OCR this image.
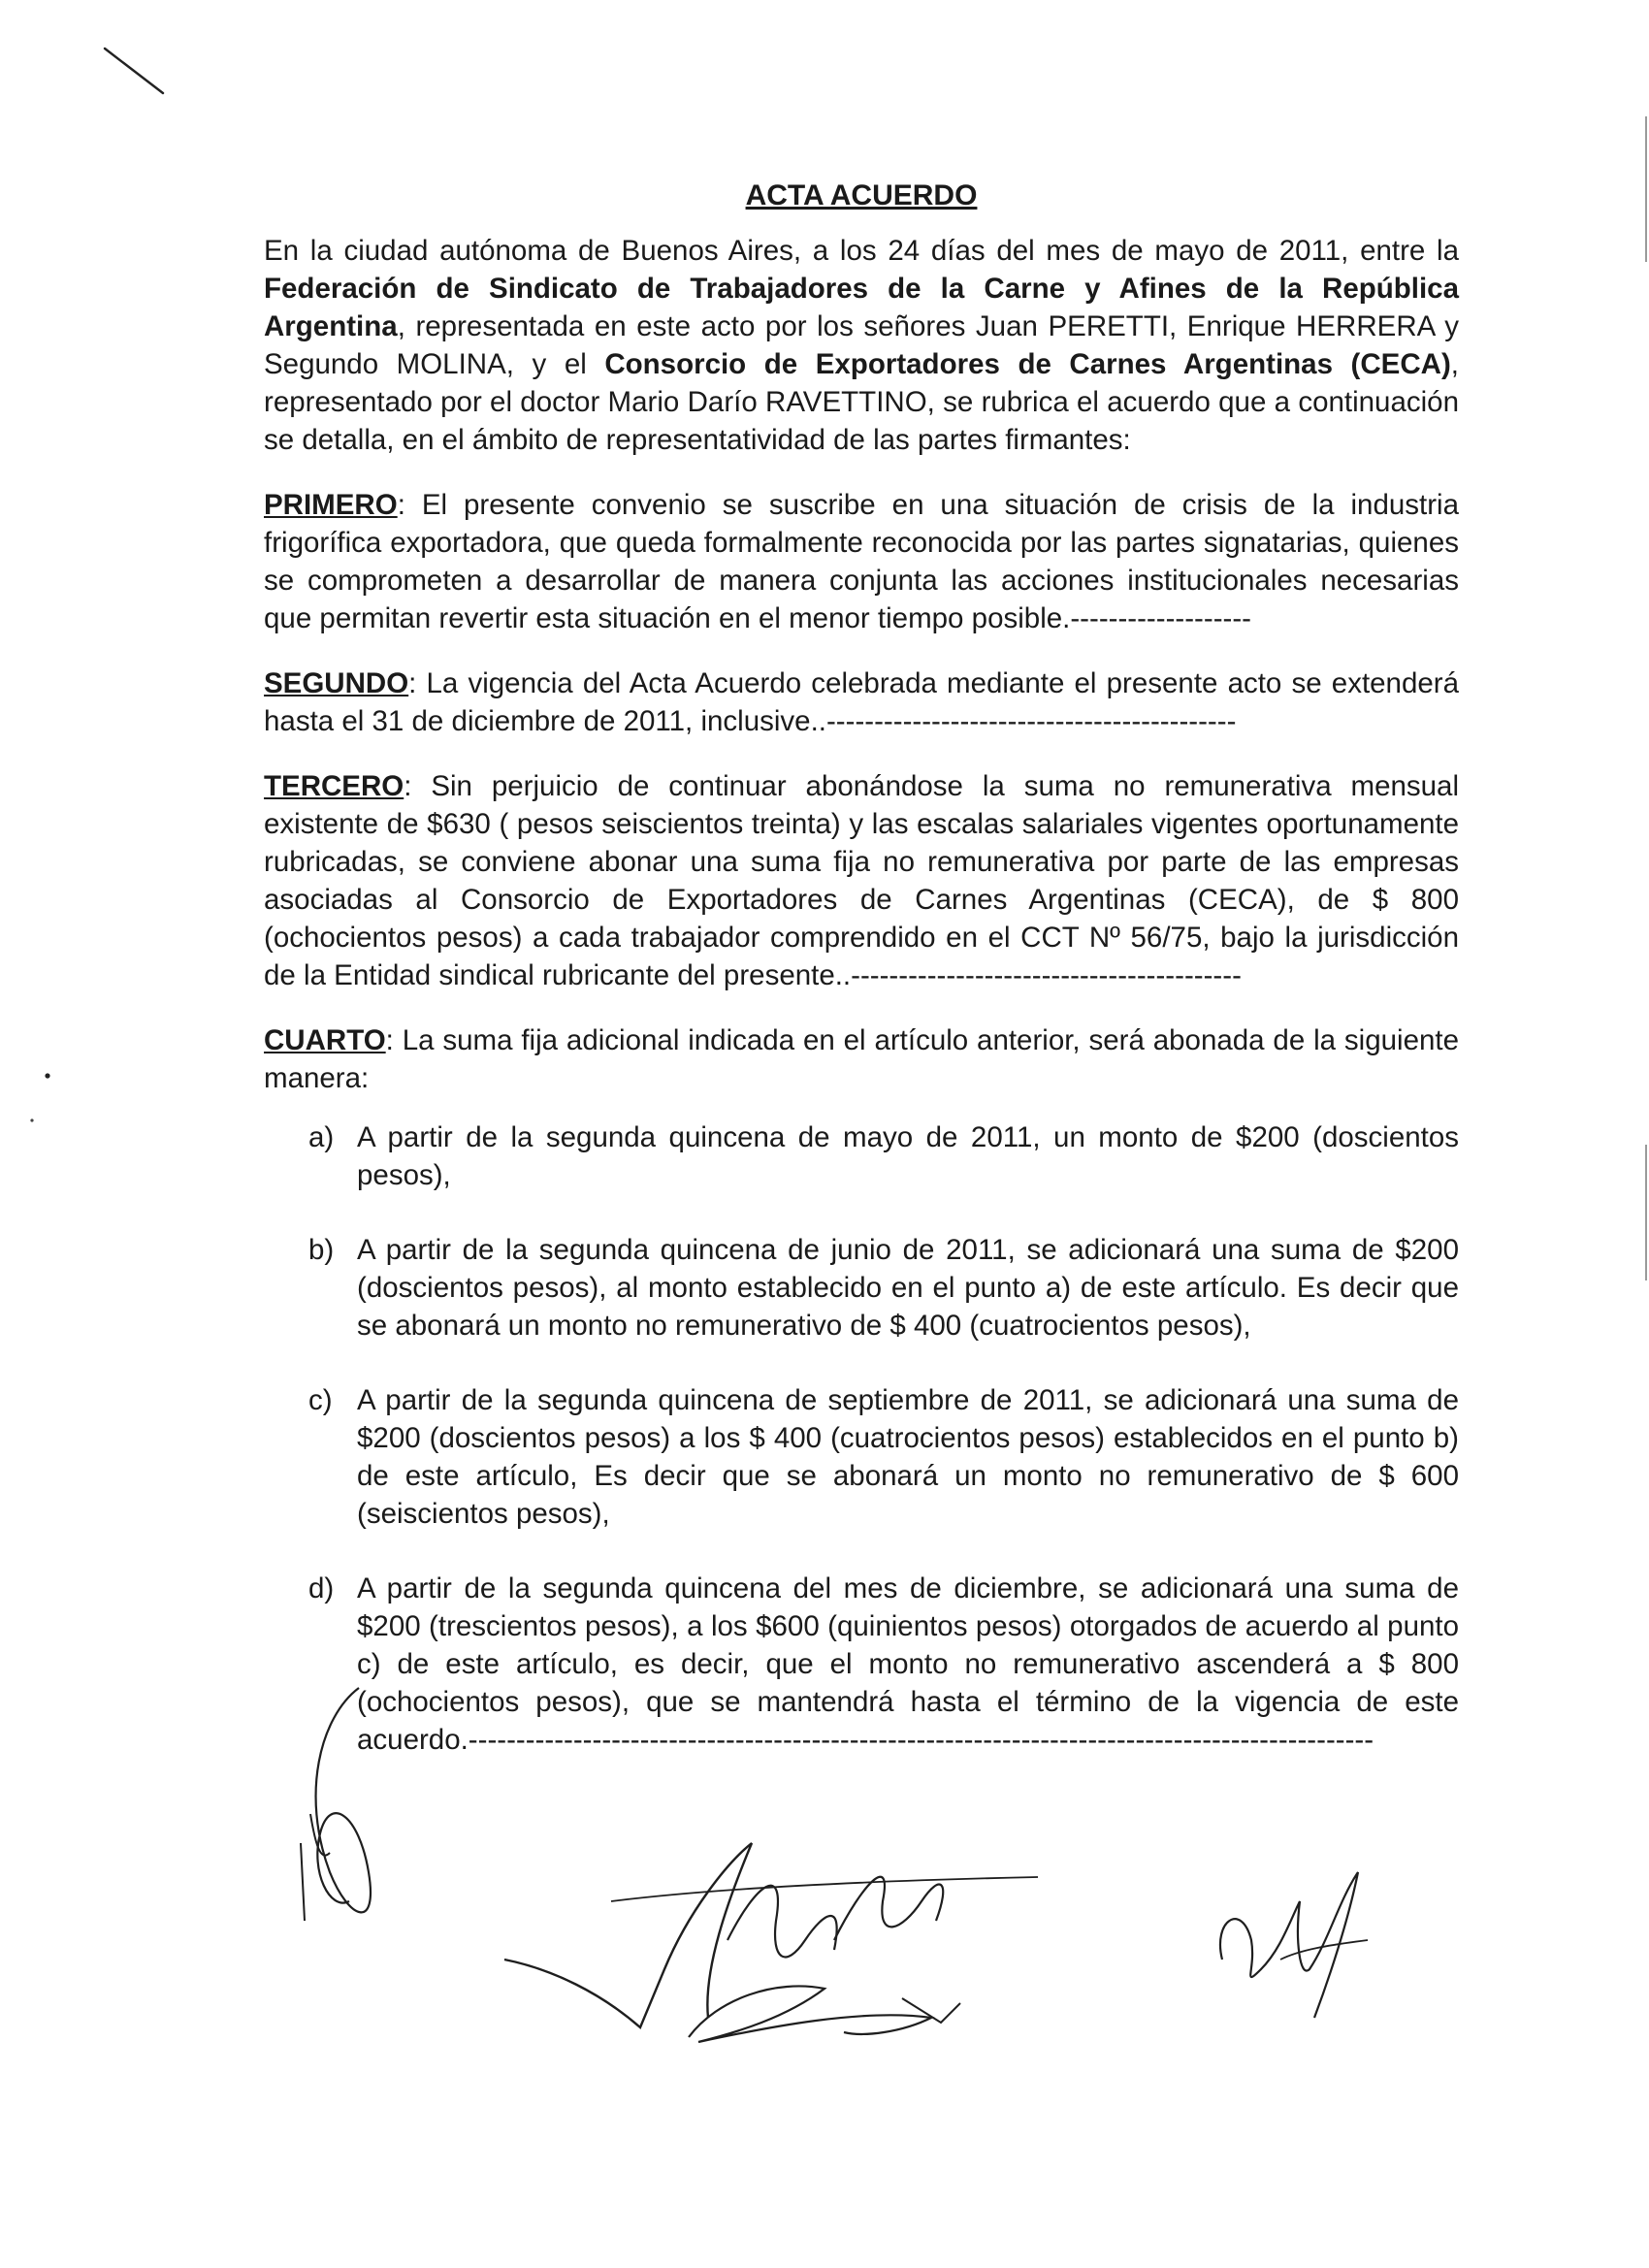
ACTA ACUERDO

En la ciudad autónoma de Buenos Aires, a los 24 días del mes de mayo de 2011, entre la Federación de Sindicato de Trabajadores de la Carne y Afines de la República Argentina, representada en este acto por los señores Juan PERETTI, Enrique HERRERA y Segundo MOLINA, y el Consorcio de Exportadores de Carnes Argentinas (CECA), representado por el doctor Mario Darío RAVETTINO, se rubrica el acuerdo que a continuación se detalla, en el ámbito de representatividad de las partes firmantes:

PRIMERO: El presente convenio se suscribe en una situación de crisis de la industria frigorífica exportadora, que queda formalmente reconocida por las partes signatarias, quienes se comprometen a desarrollar de manera conjunta las acciones institucionales necesarias que permitan revertir esta situación en el menor tiempo posible.-------------------

SEGUNDO: La vigencia del Acta Acuerdo celebrada mediante el presente acto se extenderá hasta el 31 de diciembre de 2011, inclusive..-------------------------------------------

TERCERO: Sin perjuicio de continuar abonándose la suma no remunerativa mensual existente de $630 ( pesos seiscientos treinta) y las escalas salariales vigentes oportunamente rubricadas, se conviene abonar una suma fija no remunerativa por parte de las empresas asociadas al Consorcio de Exportadores de Carnes Argentinas (CECA), de $ 800 (ochocientos pesos) a cada trabajador comprendido en el CCT Nº 56/75, bajo la jurisdicción de la Entidad sindical rubricante del presente..-----------------------------------------

CUARTO: La suma fija adicional indicada en el artículo anterior, será abonada de la siguiente manera:

a) A partir de la segunda quincena de mayo de 2011, un monto de $200 (doscientos pesos),
b) A partir de la segunda quincena de junio de 2011, se adicionará una suma de $200 (doscientos pesos), al monto establecido en el punto a) de este artículo. Es decir que se abonará un monto no remunerativo de $ 400 (cuatrocientos pesos),
c) A partir de la segunda quincena de septiembre de 2011, se adicionará una suma de $200 (doscientos pesos) a los $ 400 (cuatrocientos pesos) establecidos en el punto b) de este artículo, Es decir que se abonará un monto no remunerativo de $ 600 (seiscientos pesos),
d) A partir de la segunda quincena del mes de diciembre, se adicionará una suma de $200 (trescientos pesos), a los $600 (quinientos pesos) otorgados de acuerdo al punto c) de este artículo, es decir, que el monto no remunerativo ascenderá a $ 800 (ochocientos pesos), que se mantendrá hasta el término de la vigencia de este acuerdo.-----------------------------------------------------------------------------------------------
